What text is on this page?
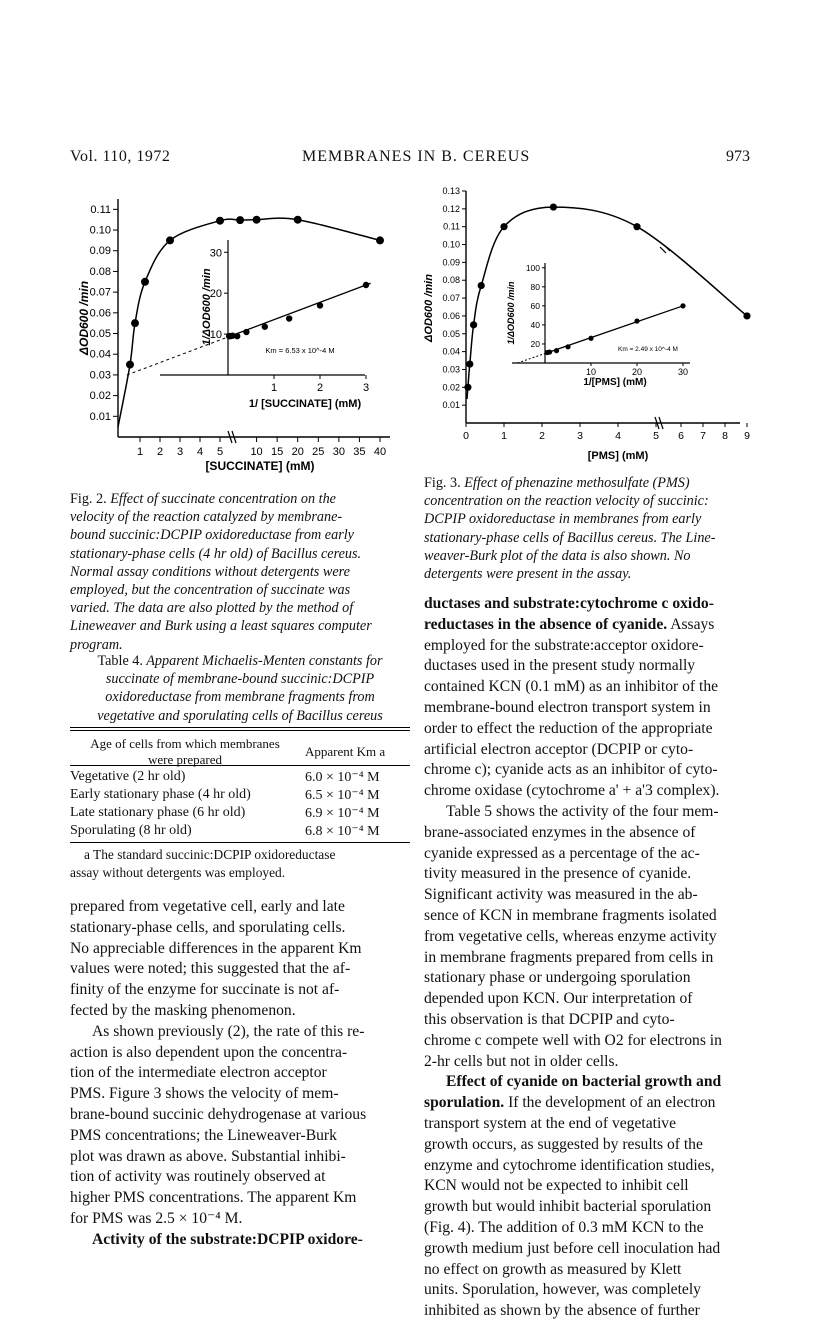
Vol. 110, 1972	MEMBRANES IN B. CEREUS	973
0.01
0.02
0.03
0.04
0.05
0.06
0.07
0.08
0.09
0.10
0.11
1 2 3 4 5 10 15 20 25 30 35 40
ΔOD600 /min
[SUCCINATE] (mM)
10
20
30
1	2	3
1/ΔOD600 /min
1/ [SUCCINATE] (mM)
Km = 6.53 x 10^-4 M
Fig. 2. Effect of succinate concentration on the
velocity of the reaction catalyzed by membrane-
bound succinic:DCPIP oxidoreductase from early
stationary-phase cells (4 hr old) of Bacillus cereus.
Normal assay conditions without detergents were
employed, but the concentration of succinate was
varied. The data are also plotted by the method of
Lineweaver and Burk using a least squares computer
program.
Table 4. Apparent Michaelis-Menten constants for
succinate of membrane-bound succinic:DCPIP
oxidoreductase from membrane fragments from
vegetative and sporulating cells of Bacillus cereus
Age of cells from which membranes
were prepared
Apparent Km a
Vegetative (2 hr old)	6.0 × 10⁻⁴ M
Early stationary phase (4 hr old)	6.5 × 10⁻⁴ M
Late stationary phase (6 hr old)	6.9 × 10⁻⁴ M
Sporulating (8 hr old)	6.8 × 10⁻⁴ M
a The standard succinic:DCPIP oxidoreductase
assay without detergents was employed.
prepared from vegetative cell, early and late
stationary-phase cells, and sporulating cells.
No appreciable differences in the apparent Km
values were noted; this suggested that the af-
finity of the enzyme for succinate is not af-
fected by the masking phenomenon.
As shown previously (2), the rate of this re-
action is also dependent upon the concentra-
tion of the intermediate electron acceptor
PMS. Figure 3 shows the velocity of mem-
brane-bound succinic dehydrogenase at various
PMS concentrations; the Lineweaver-Burk
plot was drawn as above. Substantial inhibi-
tion of activity was routinely observed at
higher PMS concentrations. The apparent Km
for PMS was 2.5 × 10⁻⁴ M.
Activity of the substrate:DCPIP oxidore-
0.01
0.02
0.03
0.04
0.05
0.06
0.07
0.08
0.09
0.10
0.11
0.12
0.13
0	1	2	3	4	5 6 7 8 9
ΔOD600 /min
[PMS] (mM)
20
40
60
80
100
10	20	30
1/ΔOD600 /min
1/[PMS] (mM)
Km = 2.49 x 10^-4 M
Fig. 3. Effect of phenazine methosulfate (PMS)
concentration on the reaction velocity of succinic:
DCPIP oxidoreductase in membranes from early
stationary-phase cells of Bacillus cereus. The Line-
weaver-Burk plot of the data is also shown. No
detergents were present in the assay.
ductases and substrate:cytochrome c oxido-
reductases in the absence of cyanide. Assays
employed for the substrate:acceptor oxidore-
ductases used in the present study normally
contained KCN (0.1 mM) as an inhibitor of the
membrane-bound electron transport system in
order to effect the reduction of the appropriate
artificial electron acceptor (DCPIP or cyto-
chrome c); cyanide acts as an inhibitor of cyto-
chrome oxidase (cytochrome a' + a'3 complex).
Table 5 shows the activity of the four mem-
brane-associated enzymes in the absence of
cyanide expressed as a percentage of the ac-
tivity measured in the presence of cyanide.
Significant activity was measured in the ab-
sence of KCN in membrane fragments isolated
from vegetative cells, whereas enzyme activity
in membrane fragments prepared from cells in
stationary phase or undergoing sporulation
depended upon KCN. Our interpretation of
this observation is that DCPIP and cyto-
chrome c compete well with O2 for electrons in
2-hr cells but not in older cells.
Effect of cyanide on bacterial growth and
sporulation. If the development of an electron
transport system at the end of vegetative
growth occurs, as suggested by results of the
enzyme and cytochrome identification studies,
KCN would not be expected to inhibit cell
growth but would inhibit bacterial sporulation
(Fig. 4). The addition of 0.3 mM KCN to the
growth medium just before cell inoculation had
no effect on growth as measured by Klett
units. Sporulation, however, was completely
inhibited as shown by the absence of further
